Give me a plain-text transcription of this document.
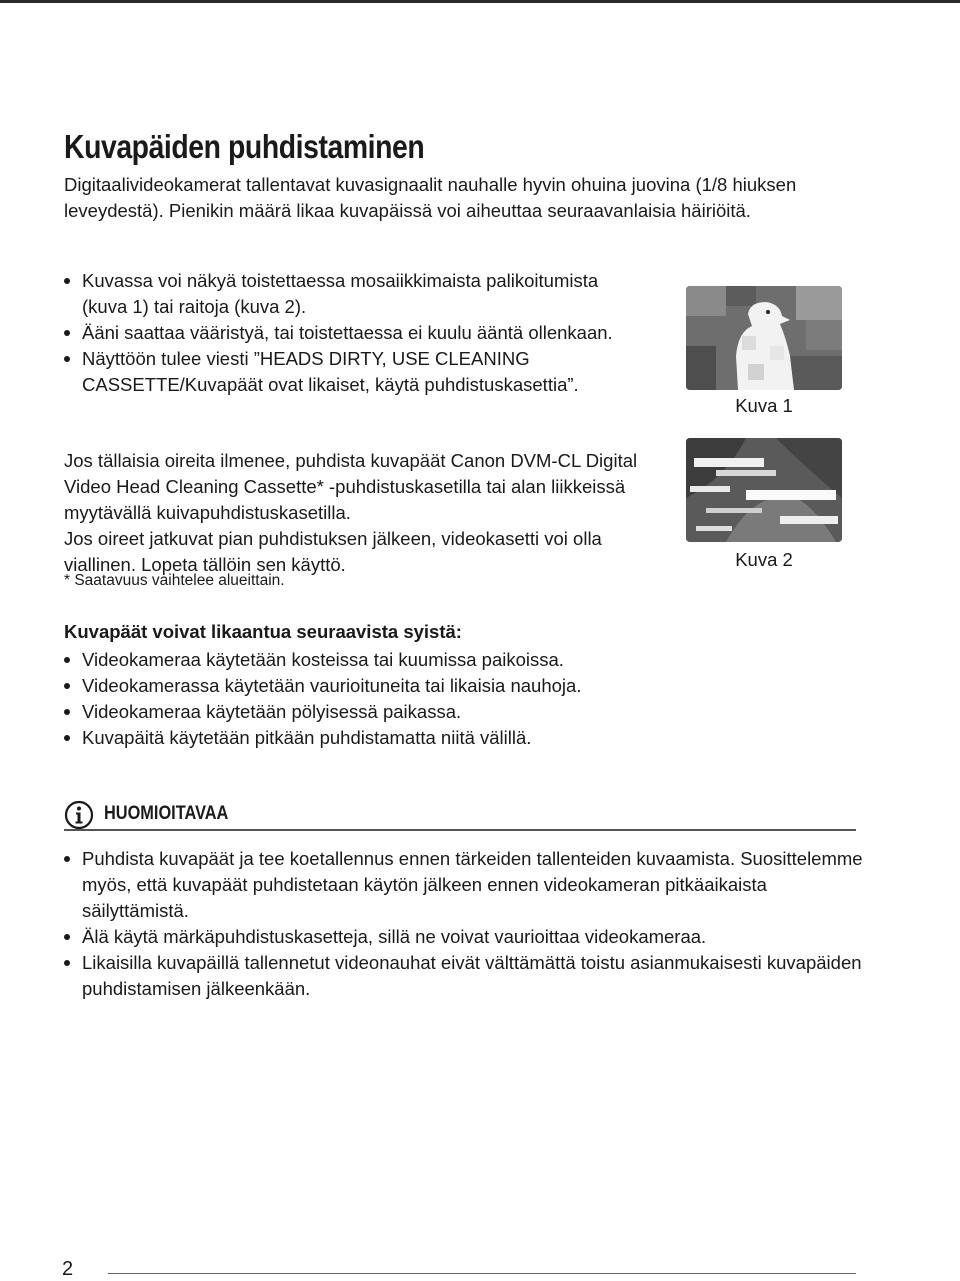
Kuvapäiden puhdistaminen

Digitaalivideokamerat tallentavat kuvasignaalit nauhalle hyvin ohuina juovina (1/8 hiuksen leveydestä). Pienikin määrä likaa kuvapäissä voi aiheuttaa seuraavanlaisia häiriöitä.

Kuvassa voi näkyä toistettaessa mosaiikkimaista palikoitumista (kuva 1) tai raitoja (kuva 2).
Ääni saattaa vääristyä, tai toistettaessa ei kuulu ääntä ollenkaan.
Näyttöön tulee viesti ”HEADS DIRTY, USE CLEANING CASSETTE/Kuvapäät ovat likaiset, käytä puhdistuskasettia”.

Kuva 1

Kuva 2

Jos tällaisia oireita ilmenee, puhdista kuvapäät Canon DVM-CL Digital Video Head Cleaning Cassette* -puhdistuskasetilla tai alan liikkeissä myytävällä kuivapuhdistuskasetilla.

Jos oireet jatkuvat pian puhdistuksen jälkeen, videokasetti voi olla viallinen. Lopeta tällöin sen käyttö.

* Saatavuus vaihtelee alueittain.

Kuvapäät voivat likaantua seuraavista syistä:

Videokameraa käytetään kosteissa tai kuumissa paikoissa.
Videokamerassa käytetään vaurioituneita tai likaisia nauhoja.
Videokameraa käytetään pölyisessä paikassa.
Kuvapäitä käytetään pitkään puhdistamatta niitä välillä.

HUOMIOITAVAA

Puhdista kuvapäät ja tee koetallennus ennen tärkeiden tallenteiden kuvaamista. Suosittelemme myös, että kuvapäät puhdistetaan käytön jälkeen ennen videokameran pitkäaikaista säilyttämistä.
Älä käytä märkäpuhdistuskasetteja, sillä ne voivat vaurioittaa videokameraa.
Likaisilla kuvapäillä tallennetut videonauhat eivät välttämättä toistu asianmukaisesti kuvapäiden puhdistamisen jälkeenkään.

2
